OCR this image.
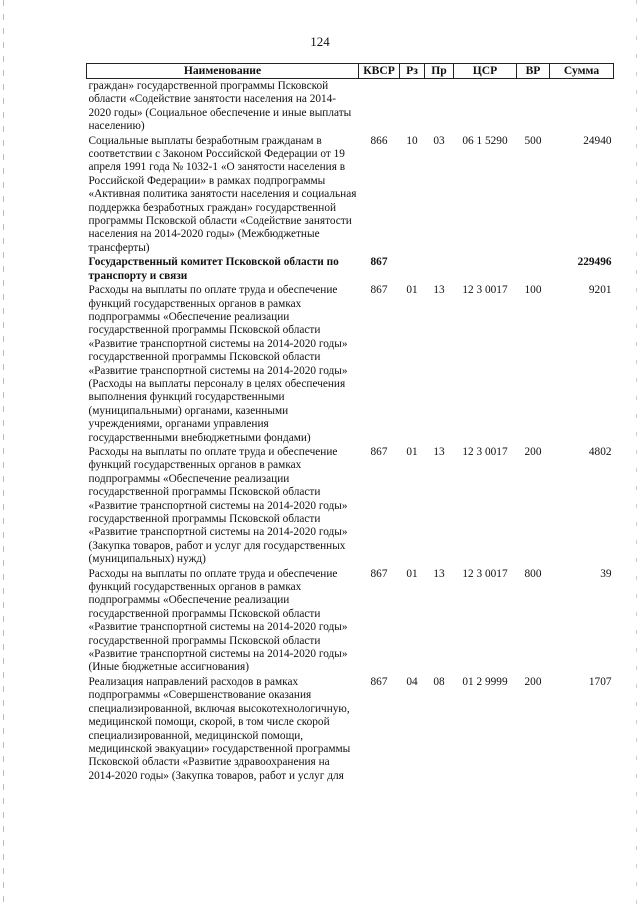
124
Наименование	КВСР	Рз	Пр	ЦСР	ВР	Сумма
граждан» государственной программы Псковской области «Содействие занятости населения на 2014-2020 годы» (Социальное обеспечение и иные выплаты населению)						
Социальные выплаты безработным гражданам в соответствии с Законом Российской Федерации от 19 апреля 1991 года № 1032-1 «О занятости населения в Российской Федерации» в рамках подпрограммы «Активная политика занятости населения и социальная поддержка безработных граждан» государственной программы Псковской области «Содействие занятости населения на 2014-2020 годы» (Межбюджетные трансферты)	866	10	03	06 1 5290	500	24940
Государственный комитет Псковской области по транспорту и связи	867					229496
Расходы на выплаты по оплате труда и обеспечение функций государственных органов в рамках подпрограммы «Обеспечение реализации государственной программы Псковской области «Развитие транспортной системы на 2014-2020 годы» государственной программы Псковской области «Развитие транспортной системы на 2014-2020 годы» (Расходы на выплаты персоналу в целях обеспечения выполнения функций государственными (муниципальными) органами, казенными учреждениями, органами управления государственными внебюджетными фондами)	867	01	13	12 3 0017	100	9201
Расходы на выплаты по оплате труда и обеспечение функций государственных органов в рамках подпрограммы «Обеспечение реализации государственной программы Псковской области «Развитие транспортной системы на 2014-2020 годы» государственной программы Псковской области «Развитие транспортной системы на 2014-2020 годы» (Закупка товаров, работ и услуг для государственных (муниципальных) нужд)	867	01	13	12 3 0017	200	4802
Расходы на выплаты по оплате труда и обеспечение функций государственных органов в рамках подпрограммы «Обеспечение реализации государственной программы Псковской области «Развитие транспортной системы на 2014-2020 годы» государственной программы Псковской области «Развитие транспортной системы на 2014-2020 годы» (Иные бюджетные ассигнования)	867	01	13	12 3 0017	800	39
Реализация направлений расходов в рамках подпрограммы «Совершенствование оказания специализированной, включая высокотехнологичную, медицинской помощи, скорой, в том числе скорой специализированной, медицинской помощи, медицинской эвакуации» государственной программы Псковской области «Развитие здравоохранения на 2014-2020 годы» (Закупка товаров, работ и услуг для	867	04	08	01 2 9999	200	1707
